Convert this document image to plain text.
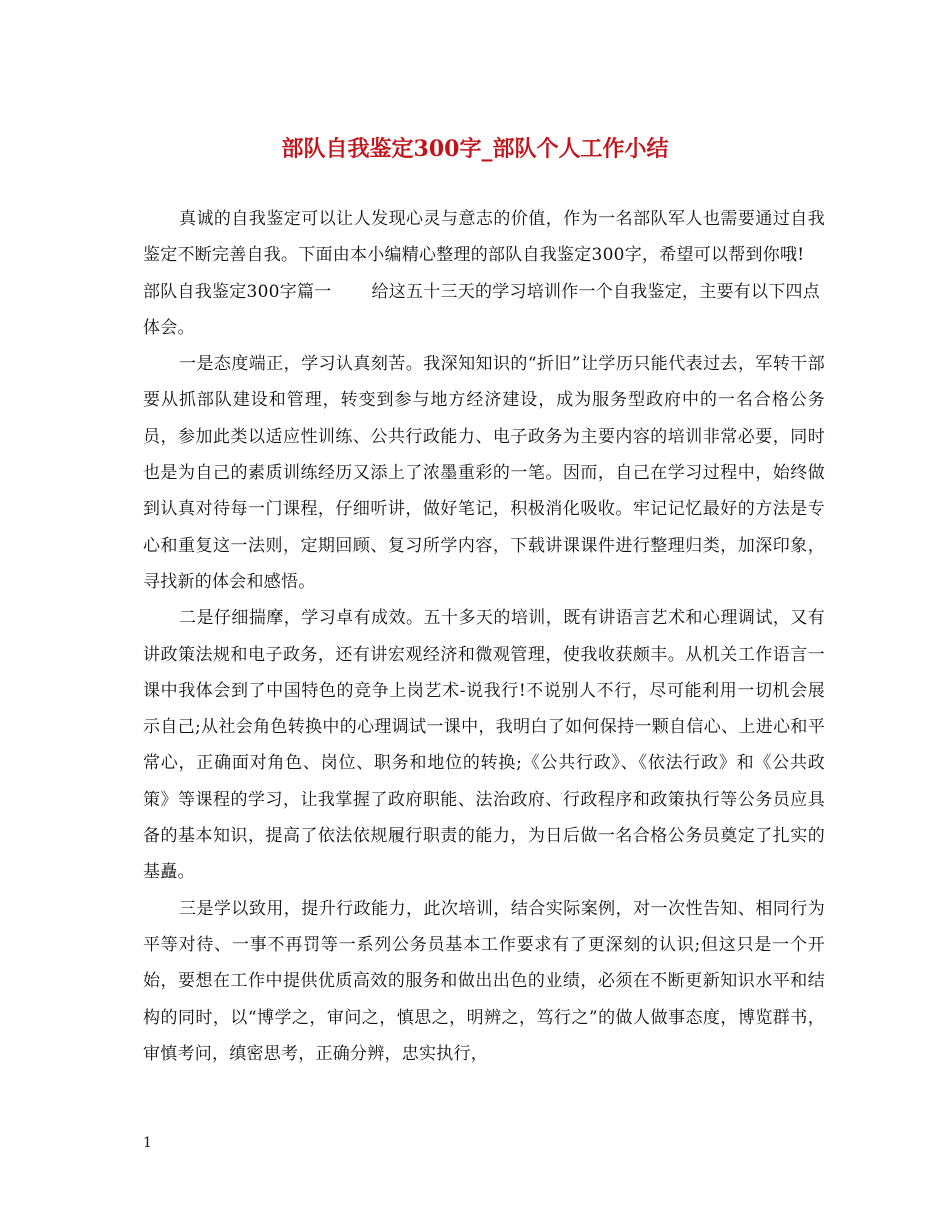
部队自我鉴定300字_部队个人工作小结

真诚的自我鉴定可以让人发现心灵与意志的价值，作为一名部队军人也需要通过自我鉴定不断完善自我。下面由本小编精心整理的部队自我鉴定300字，希望可以帮到你哦!

部队自我鉴定300字篇一 给这五十三天的学习培训作一个自我鉴定，主要有以下四点体会。

一是态度端正，学习认真刻苦。我深知知识的“折旧”让学历只能代表过去，军转干部要从抓部队建设和管理，转变到参与地方经济建设，成为服务型政府中的一名合格公务员，参加此类以适应性训练、公共行政能力、电子政务为主要内容的培训非常必要，同时也是为自己的素质训练经历又添上了浓墨重彩的一笔。因而，自己在学习过程中，始终做到认真对待每一门课程，仔细听讲，做好笔记，积极消化吸收。牢记记忆最好的方法是专心和重复这一法则，定期回顾、复习所学内容，下载讲课课件进行整理归类，加深印象，寻找新的体会和感悟。

二是仔细揣摩，学习卓有成效。五十多天的培训，既有讲语言艺术和心理调试，又有讲政策法规和电子政务，还有讲宏观经济和微观管理，使我收获颇丰。从机关工作语言一课中我体会到了中国特色的竞争上岗艺术-说我行!不说别人不行，尽可能利用一切机会展示自己;从社会角色转换中的心理调试一课中，我明白了如何保持一颗自信心、上进心和平常心，正确面对角色、岗位、职务和地位的转换;《公共行政》、《依法行政》和《公共政策》等课程的学习，让我掌握了政府职能、法治政府、行政程序和政策执行等公务员应具备的基本知识，提高了依法依规履行职责的能力，为日后做一名合格公务员奠定了扎实的基矗。

三是学以致用，提升行政能力，此次培训，结合实际案例，对一次性告知、相同行为平等对待、一事不再罚等一系列公务员基本工作要求有了更深刻的认识;但这只是一个开始，要想在工作中提供优质高效的服务和做出出色的业绩，必须在不断更新知识水平和结构的同时，以“博学之，审问之，慎思之，明辨之，笃行之”的做人做事态度，博览群书，审慎考问，缜密思考，正确分辨，忠实执行，

1
